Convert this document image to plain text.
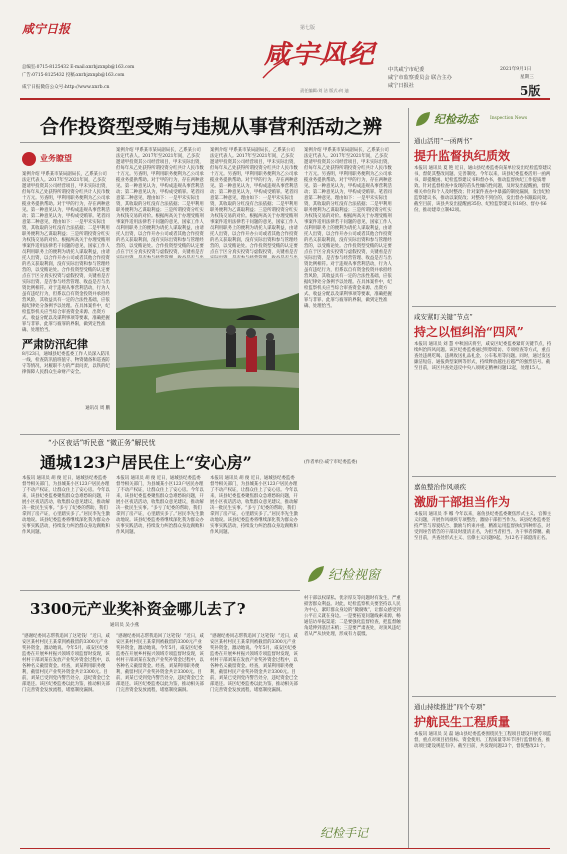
咸宁日报	第七版
总编室:0715-8125432 E-mail:xnrbjzxnpb@163.com
广告:0715-8125432 投稿:xnrbjzxnpb@163.com
咸宁日报微信公众号:http://www.xnrb.cn
咸宁风纪 中共咸宁市纪委
咸宁市监察委员会 联合主办
咸宁日报社
2021年9月1日
星期三
5版
责任编辑:刘 洁 版式:何 迪
合作投资型受贿与违规从事营利活动之辨
业务瞭望
案例介绍 甲系某市某局副局长，乙系某公司法定代表人。2017年至2021年间，乙多次邀请甲投资其公司经营项目，甲未实际出资，但每年从乙处获得所谓投资分红共计人民币数十万元。另查明，甲利用职务便利为乙公司承揽业务提供帮助。对于甲的行为，存在两种意见。第一种意见认为，甲构成违规从事营利活动；第二种意见认为，甲构成受贿罪。笔者同意第二种意见，理由如下：一是甲未实际出资，其收取的分红没有合法依据；二是甲利用职务便利为乙谋取利益；三是所谓投资分红实为权钱交易的对价。根据两高关于办理受贿刑事案件适用法律若干问题的意见，国家工作人员利用职务上的便利为请托人谋取利益，由请托人出资，以合作开办公司或者其他合作投资的名义获取利润，没有实际出资和参与管理经营的，以受贿论处。合作投资型受贿的认定要点在于区分真实投资与虚假投资，关键看是否实际出资、是否参与经营管理、收益是否与出资比例相符。对于违规从事营利活动，行为人虽有违纪行为，但系以自有资金投资并承担经营风险，其收益具有一定的合法性基础，应依据纪律处分条例予以处理。在具体案件中，纪检监察机关应当综合审查资金来源、出资方式、收益分配以及谋利事项等要素，准确把握罪与非罪、此罪与彼罪的界限，做到定性准确、处理恰当。
案例介绍 甲系某市某局副局长，乙系某公司法定代表人。2017年至2021年间，乙多次邀请甲投资其公司经营项目，甲未实际出资，但每年从乙处获得所谓投资分红共计人民币数十万元。另查明，甲利用职务便利为乙公司承揽业务提供帮助。对于甲的行为，存在两种意见。第一种意见认为，甲构成违规从事营利活动；第二种意见认为，甲构成受贿罪。笔者同意第二种意见，理由如下：一是甲未实际出资，其收取的分红没有合法依据；二是甲利用职务便利为乙谋取利益；三是所谓投资分红实为权钱交易的对价。根据两高关于办理受贿刑事案件适用法律若干问题的意见，国家工作人员利用职务上的便利为请托人谋取利益，由请托人出资，以合作开办公司或者其他合作投资的名义获取利润，没有实际出资和参与管理经营的，以受贿论处。合作投资型受贿的认定要点在于区分真实投资与虚假投资，关键看是否
案例介绍 甲系某市某局副局长，乙系某公司法定代表人。2017年至2021年间，乙多次邀请甲投资其公司经营项目，甲未实际出资，但每年从乙处获得所谓投资分红共计人民币数十万元。另查明，甲利用职务便利为乙公司承揽业务提供帮助。对于甲的行为，存在两种意见。第一种意见认为，甲构成违规从事营利活动；第二种意见认为，甲构成受贿罪。笔者同意第二种意见，理由如下：一是甲未实际出资，其收取的分红没有合法依据；二是甲利用职务便利为乙谋取利益；三是所谓投资分红实为权钱交易的对价。根据两高关于办理受贿刑事案件适用法律若干问题的意见，国家工作人员利用职务上的便利为请托人谋取利益，由请托人出资，以合作开办公司或者其他合作投资的名义获取利润，没有实际出资和参与管理经营的，以受贿论处。合作投资型受贿的认定要点在于区分真实投资与虚假投资，关键看是否
案例介绍 甲系某市某局副局长，乙系某公司法定代表人。2017年至2021年间，乙多次邀请甲投资其公司经营项目，甲未实际出资，但每年从乙处获得所谓投资分红共计人民币数十万元。另查明，甲利用职务便利为乙公司承揽业务提供帮助。对于甲的行为，存在两种意见。第一种意见认为，甲构成违规从事营利活动；第二种意见认为，甲构成受贿罪。笔者同意第二种意见，理由如下：一是甲未实际出资，其收取的分红没有合法依据；二是甲利用职务便利为乙谋取利益；三是所谓投资分红实为权钱交易的对价。根据两高关于办理受贿刑事案件适用法律若干问题的意见，国家工作人员利用职务上的便利为请托人谋取利益，由请托人出资，以合作开办公司或者其他合作投资的名义获取利润，没有实际出资和参与管理经营的，以受贿论处。合作投资型受贿的认定要点在于区分真实投资与虚假投资，关键看是否实际出资、是否参与经营管理、收益是否与出资比例相符。对于违规从事营利活动，行为人虽有违纪行为，但系以自有资金投资并承担经营风险，其收益具有一定的合法性基础，应依据纪律处分条例予以处理。在具体案件中，纪检监察机关应当综合审查资金来源、出资方式、收益分配以及谋利事项等要素，准确把握罪与非罪、此罪与彼罪的界限，做到定性准确、处理恰当。
(作者单位:咸宁市纪委监委)
严肃防汛纪律
8月23日，通城县纪委监委工作人员深入防汛一线，检查防汛值班值守、物资储备和巡查防守等情况，对履职不力的严肃问责，以铁的纪律保障人民群众生命财产安全。
通讯员 周 鹏
“小区夜话”听民意 “微正务”解民忧
通城123户居民住上“安心房”
本报讯 通讯员 胡 俊 近日，通城县纪委监委督导相关部门，为县城某小区123户居民办理了不动产权证，让群众住上了安心房。今年以来，该县纪委监委聚焦群众急难愁盼问题，开展小区夜话活动，收集群众意见建议，推动解决一批民生实事。“多亏了纪委的帮助，我们拿到了房产证，心里踏实多了。”居民李先生激动地说。该县纪委监委将继续深化我为群众办实事实践活动，持续发力纠治群众身边腐败和作风问题。
本报讯 通讯员 胡 俊 近日，通城县纪委监委督导相关部门，为县城某小区123户居民办理了不动产权证，让群众住上了安心房。今年以来，该县纪委监委聚焦群众急难愁盼问题，开展小区夜话活动，收集群众意见建议，推动解决一批民生实事。“多亏了纪委的帮助，我们拿到了房产证，心里踏实多了。”居民李先生激动地说。该县纪委监委将继续深化我为群众办实事实践活动，持续发力纠治群众身边腐败和作风问题。
本报讯 通讯员 胡 俊 近日，通城县纪委监委督导相关部门，为县城某小区123户居民办理了不动产权证，让群众住上了安心房。今年以来，该县纪委监委聚焦群众急难愁盼问题，开展小区夜话活动，收集群众意见建议，推动解决一批民生实事。“多亏了纪委的帮助，我们拿到了房产证，心里踏实多了。”居民李先生激动地说。该县纪委监委将继续深化我为群众办实事实践活动，持续发力纠治群众身边腐败和作风问题。
纪检视窗
3300元产业奖补资金哪儿去了?
通讯员 吴小燕
“感谢纪委同志帮我追回了这笔钱！”近日，咸安区某村村民王某拿到被截留的3300元产业奖补资金，激动地说。今年5月，咸安区纪委监委在开展乡村振兴领域专项监督时发现，该村村干部刘某在发放产业奖补资金过程中，以各种名义截留资金。经查，刘某利用职务便利，截留村民产业奖补资金共计3300元。目前，刘某已受到党内警告处分，违纪资金已全部退还。该区纪委监委以此为鉴，推动相关部门完善资金发放流程，堵塞制度漏洞。
“感谢纪委同志帮我追回了这笔钱！”近日，咸安区某村村民王某拿到被截留的3300元产业奖补资金，激动地说。今年5月，咸安区纪委监委在开展乡村振兴领域专项监督时发现，该村村干部刘某在发放产业奖补资金过程中，以各种名义截留资金。经查，刘某利用职务便利，截留村民产业奖补资金共计3300元。目前，刘某已受到党内警告处分，违纪资金已全部退还。该区纪委监委以此为鉴，推动相关部门完善资金发放流程，堵塞制度漏洞。
“感谢纪委同志帮我追回了这笔钱！”近日，咸安区某村村民王某拿到被截留的3300元产业奖补资金，激动地说。今年5月，咸安区纪委监委在开展乡村振兴领域专项监督时发现，该村村干部刘某在发放产业奖补资金过程中，以各种名义截留资金。经查，刘某利用职务便利，截留村民产业奖补资金共计3300元。目前，刘某已受到党内警告处分，违纪资金已全部退还。该区纪委监委以此为鉴，推动相关部门完善资金发放流程，堵塞制度漏洞。
村干部以权谋私、优亲厚友等问题时有发生，严重损害群众利益。对此，纪检监察机关要坚持以人民为中心，紧盯群众身边的“微腐败”，让群众感受到公平正义就在身边。一是要拓宽问题线索来源，畅通信访举报渠道；二是要强化监督检查，把监督触角延伸到基层末梢；三是要严肃查处，对顶风违纪者从严从快处理，形成有力震慑。
纪检手记
纪检动态	Inspection News
通山活用“一函两书”
提升监督执纪质效
本报讯 通讯员 夏 艳 近日，通山县纪委监委向某单位发出纪检监察建议书，督促其整改问题、完善制度。今年以来，该县纪委监委活用一函两书，即提醒函、纪检监察建议书和督办书，推动监督执纪工作提质增效。针对监督检查中发现的苗头性倾向性问题，及时发出提醒函，督促相关单位和个人及时整改；针对案件查办中暴露的制度漏洞，发出纪检监察建议书，推动以案促改；对整改不到位的，发出督办书跟踪问效。截至目前，该县共发出提醒函35份、纪检监察建议书18份、督办书6份，推动建章立制42项。
咸安紧盯关键“节点”
持之以恒纠治“四风”
本报讯 通讯员 刘 慧 中秋国庆将至，咸安区纪委监委紧盯关键节点，持续纠治四风问题。该区纪委监委通过明察暗访、专项检查等方式，重点查处违规吃喝、违规收送礼品礼金、公车私用等问题。同时，通过发送廉洁短信、通报典型案例等形式，持续释放越往后越严的强烈信号。截至目前，该区共查处违反中央八项规定精神问题12起，处理15人。
嘉鱼整治作风顽疾
激励干部担当作为
本报讯 通讯员 李 娜 今年以来，嘉鱼县纪委监委聚焦形式主义、官僚主义问题，开展作风顽疾专项整治，激励干部担当作为。该县纪委监委坚持严管与厚爱结合、激励与约束并重，精准运用监督执纪四种形态，对受到诬告错告的干部及时澄清正名，为担当者担当、为干事者撑腰。截至目前，共查处形式主义、官僚主义问题9起，为12名干部澄清正名。
通山持续推进“四个专项”
护航民生工程质量
本报讯 通讯员 吴 磊 通山县纪委监委围绕民生工程项目建设开展专项监督，重点对项目招投标、资金使用、工程质量等环节进行监督检查，推动项目建设规范有序。截至目前，共发现问题23个，督促整改21个。
